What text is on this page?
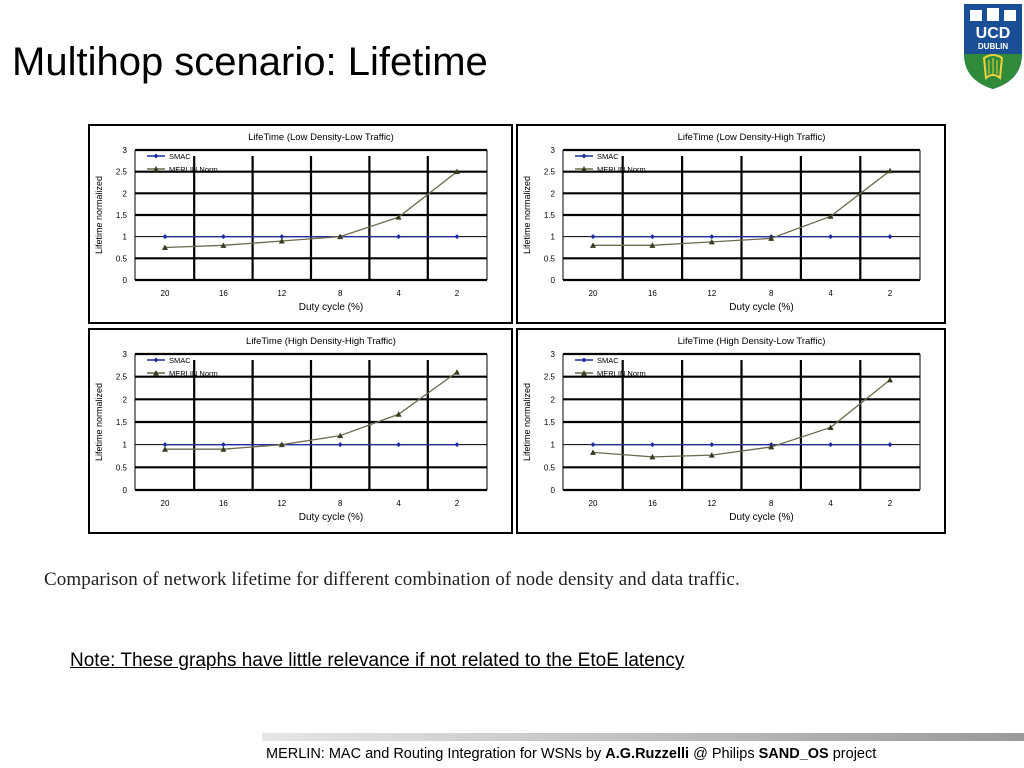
Multihop scenario: Lifetime
UCD
DUBLIN
LifeTime (Low Density-Low Traffic)
0
0.5
1
1.5
2
2.5
3
20	16	12	8	4	2
Duty cycle (%)
Lifetime normalized
SMAC
MERLIN Norm
LifeTime (Low Density-High Traffic)
0
0.5
1
1.5
2
2.5
3
20	16	12	8	4	2
Duty cycle (%)
Lifetime normalized
SMAC
MERLIN Norm
LifeTime (High Density-High Traffic)
0
0.5
1
1.5
2
2.5
3
20	16	12	8	4	2
Duty cycle (%)
Lifetime normalized
SMAC
MERLIN Norm
LifeTime (High Density-Low Traffic)
0
0.5
1
1.5
2
2.5
3
20	16	12	8	4	2
Duty cycle (%)
Lifetime normalized
SMAC
MERLIN Norm
Comparison of network lifetime for different combination of node density and data traffic.
Note: These graphs have little relevance if not related to the EtoE latency
MERLIN: MAC and Routing Integration for WSNs by A.G.Ruzzelli @ Philips SAND_OS project
